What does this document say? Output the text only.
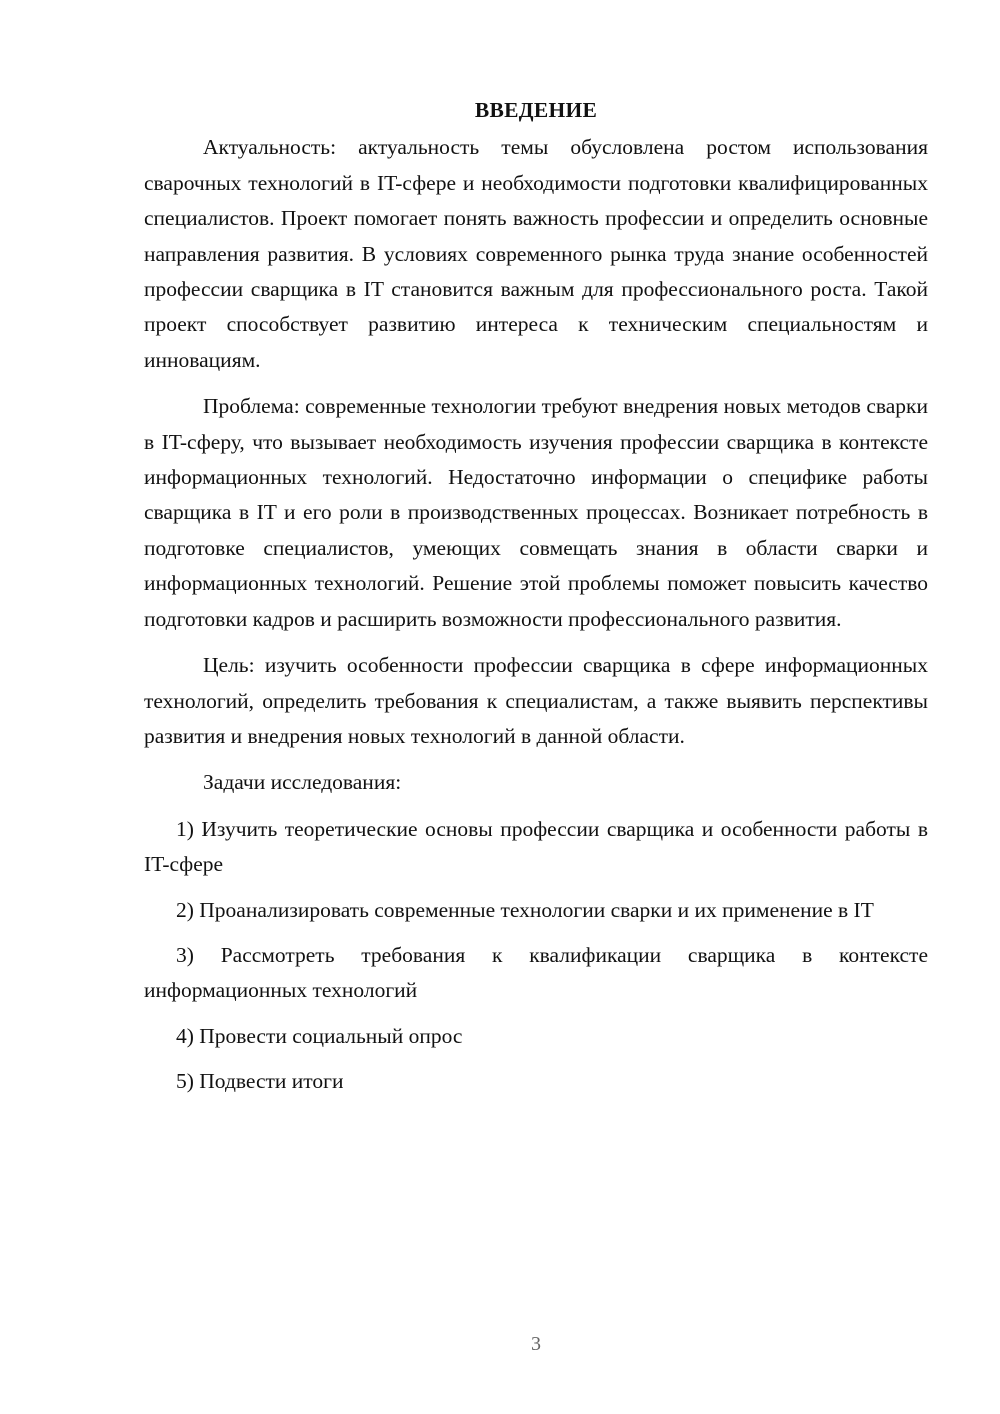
ВВЕДЕНИЕ

Актуальность: актуальность темы обусловлена ростом использования сварочных технологий в IT-сфере и необходимости подготовки квалифицированных специалистов. Проект помогает понять важность профессии и определить основные направления развития. В условиях современного рынка труда знание особенностей профессии сварщика в IT становится важным для профессионального роста. Такой проект способствует развитию интереса к техническим специальностям и инновациям.

Проблема: современные технологии требуют внедрения новых методов сварки в IT-сферу, что вызывает необходимость изучения профессии сварщика в контексте информационных технологий. Недостаточно информации о специфике работы сварщика в IT и его роли в производственных процессах. Возникает потребность в подготовке специалистов, умеющих совмещать знания в области сварки и информационных технологий. Решение этой проблемы поможет повысить качество подготовки кадров и расширить возможности профессионального развития.

Цель: изучить особенности профессии сварщика в сфере информационных технологий, определить требования к специалистам, а также выявить перспективы развития и внедрения новых технологий в данной области.

Задачи исследования:

1) Изучить теоретические основы профессии сварщика и особенности работы в IT-сфере

2) Проанализировать современные технологии сварки и их применение в IT

3) Рассмотреть требования к квалификации сварщика в контексте информационных технологий

4) Провести социальный опрос

5) Подвести итоги

3
